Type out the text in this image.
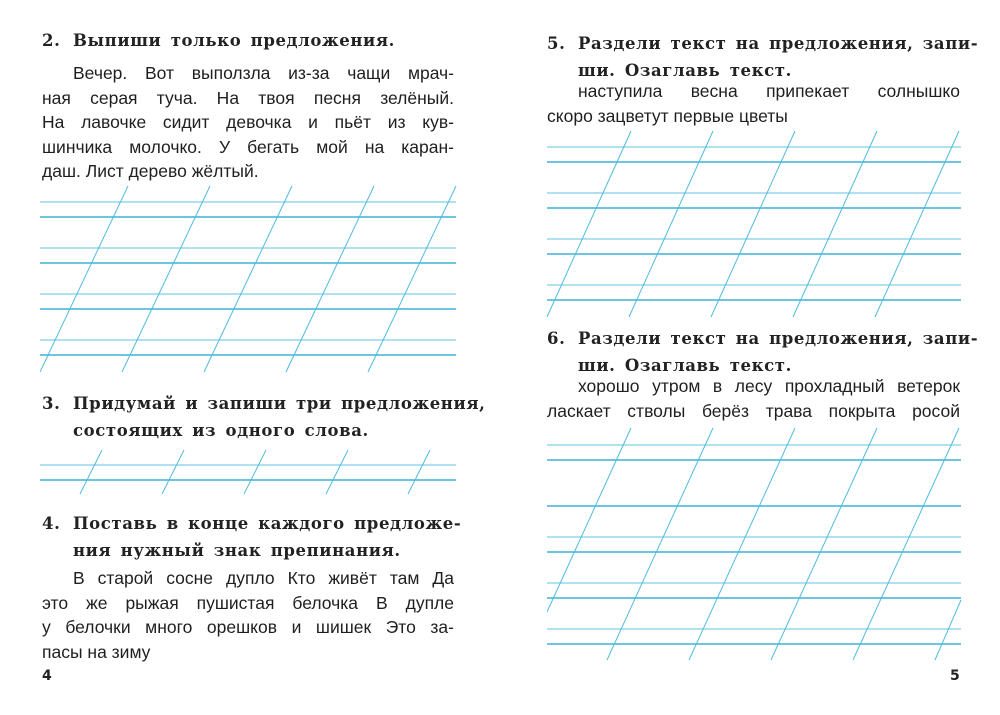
2. Выпиши только предложения.
Вечер. Вот выползла из-за чащи мрач-
ная серая туча. На твоя песня зелёный.
На лавочке сидит девочка и пьёт из кув-
шинчика молочко. У бегать мой на каран-
даш. Лист дерево жёлтый.
3. Придумай и запиши три предложения,
состоящих из одного слова.
4. Поставь в конце каждого предложе-
ния нужный знак препинания.
В старой сосне дупло Кто живёт там Да
это же рыжая пушистая белочка В дупле
у белочки много орешков и шишек Это за-
пасы на зиму
4
5. Раздели текст на предложения, запи-
ши. Озаглавь текст.
наступила весна припекает солнышко
скоро зацветут первые цветы
6. Раздели текст на предложения, запи-
ши. Озаглавь текст.
хорошо утром в лесу прохладный ветерок
ласкает стволы берёз трава покрыта росой
5
